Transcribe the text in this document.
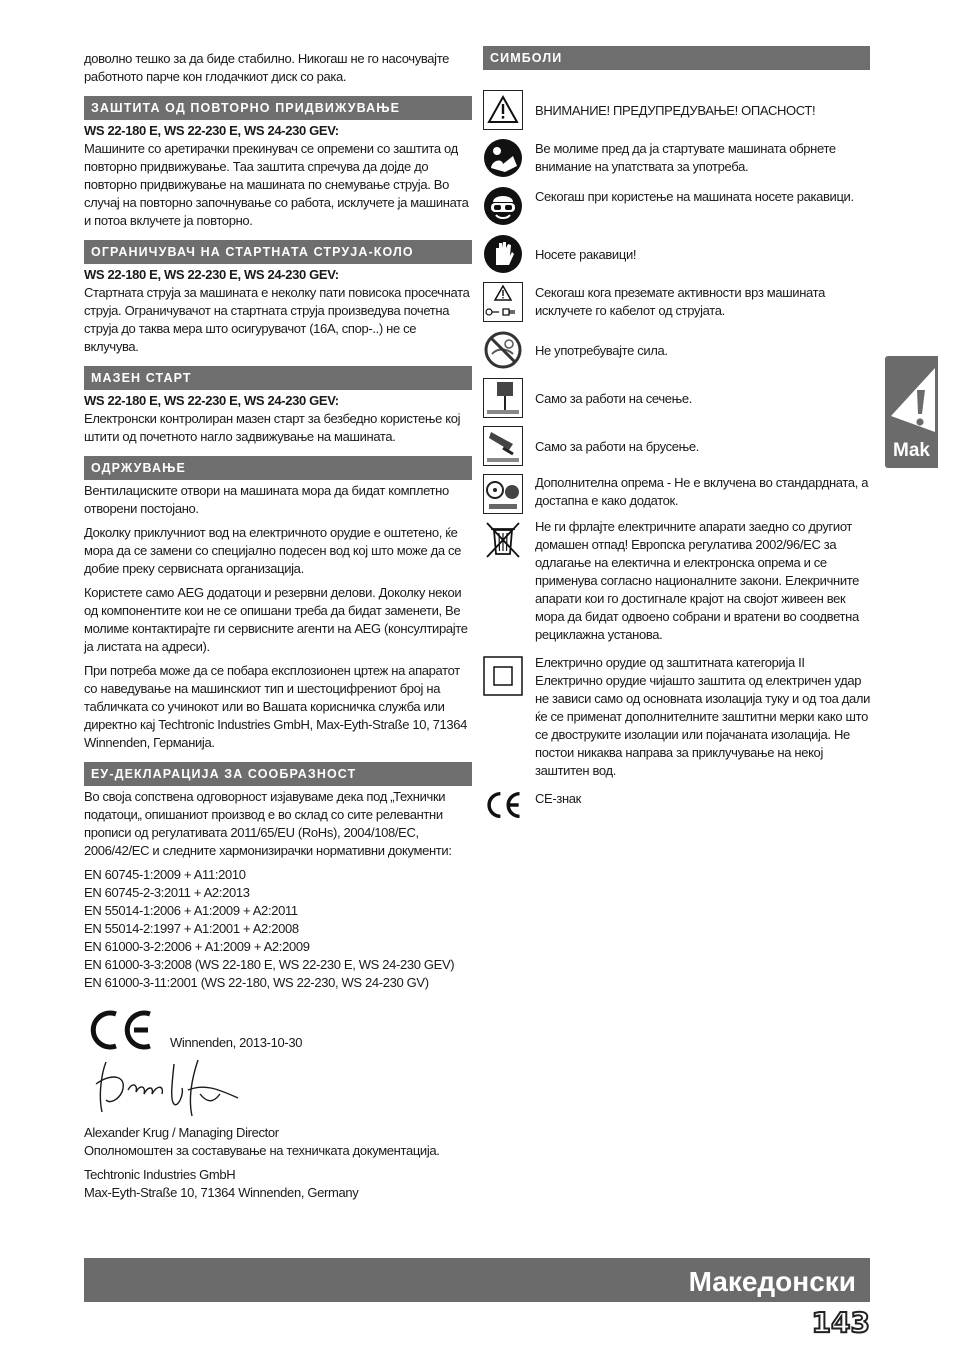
доволно тешко за да биде стабилно. Никогаш не го насочувајте работното парче кон глодачкиот диск со рака.

ЗАШТИТА ОД ПОВТОРНО ПРИДВИЖУВАЊЕ

WS 22-180 E, WS 22-230 E, WS 24-230 GEV:

Машините со аретирачки прекинувач се опремени со заштита од повторно придвижување. Таа заштита спречува да дојде до повторно придвижување на машината по снемување струја. Во случај на повторно започнување со работа, исклучете ја машината и потоа вклучете ја повторно.

ОГРАНИЧУВАЧ НА СТАРТНАТА СТРУЈА-КОЛО

WS 22-180 E, WS 22-230 E, WS 24-230 GEV:

Стартната струја за машината е неколку пати повисока просечната струја. Ограничувачот на стартната струја произведува почетна струја до таква мера што осигурувачот (16A, спор-..) не се вклучува.

МАЗЕН СТАРТ

WS 22-180 E, WS 22-230 E, WS 24-230 GEV:

Електронски контролиран мазен старт за безбедно користење кој штити од почетното нагло задвижување на машината.

ОДРЖУВАЊЕ

Вентилациските отвори на машината мора да бидат комплетно отворени постојано.

Доколку приклучниот вод на електричното орудие е оштетено, ќе мора да се замени со специјално подесен вод кој што може да се добие преку сервисната организација.

Користете само AEG додатоци и резервни делови. Доколку некои од компонентите кои не се опишани треба да бидат заменети, Ве молиме контактирајте ги сервисните агенти на AEG (консултирајте ја листата на адреси).

При потреба може да се побара експлозионен цртеж на апаратот со наведување на машинскиот тип и шестоцифрениот број на табличката со учинокот или во Вашата корисничка служба или директно кај Techtronic Industries GmbH, Max-Eyth-Straße 10, 71364 Winnenden, Германија.

ЕУ-ДЕКЛАРАЦИЈА ЗА СООБРАЗНОСТ

Во своја сопствена одговорност изјавуваме дека под „Технички податоци„ опишаниот производ е во склад со сите релевантни прописи од регулативата 2011/65/EU (RoHs), 2004/108/EC, 2006/42/EC и следните хармонизирачки нормативни документи:

EN 60745-1:2009 + A11:2010
EN 60745-2-3:2011 + A2:2013
EN 55014-1:2006 + A1:2009 + A2:2011
EN 55014-2:1997 + A1:2001 + A2:2008
EN 61000-3-2:2006 + A1:2009 + A2:2009
EN 61000-3-3:2008 (WS 22-180 E, WS 22-230 E, WS 24-230 GEV)
EN 61000-3-11:2001 (WS 22-180, WS 22-230, WS 24-230 GV)
Winnenden, 2013-10-30

Alexander Krug / Managing Director

Ополномоштен за составување на техничката документација.

Techtronic Industries GmbH

Max-Eyth-Straße 10, 71364 Winnenden, Germany

СИМБОЛИ

ВНИМАНИЕ! ПРЕДУПРЕДУВАЊЕ! ОПАСНОСТ!

Ве молиме пред да ја стартувате машината обрнете внимание на упатствата за употреба.

Секогаш при користење на машината носете ракавици.

Носете ракавици!

Секогаш кога преземате активности врз машината исклучете го кабелот од струјата.

Не употребувајте сила.

Само за работи на сечење.

Само за работи на брусење.

Дополнителна опрема - Не е вклучена во стандардната, а достапна е како додаток.

Не ги фрлајте електричните апарати заедно со другиот домашен отпад! Европска регулатива 2002/96/EC за одлагање на електична и електронска опрема и се применува согласно националните закони. Елекричните апарати кои го достигнале крајот на својот живеен век мора да бидат одвоено собрани и вратени во соодветна рециклажна установа.

Електрично орудие од заштитната категорија II Електрично орудие чијашто заштита од електричен удар не зависи само од основната изолација туку и од тоа дали ќе се применат дополнителните заштитни мерки како што се двоструките изолации или појачаната изолација. Не постои никаква направа за приклучување на некој заштитен вод.

CE-знак

Mak
Македонски
143
